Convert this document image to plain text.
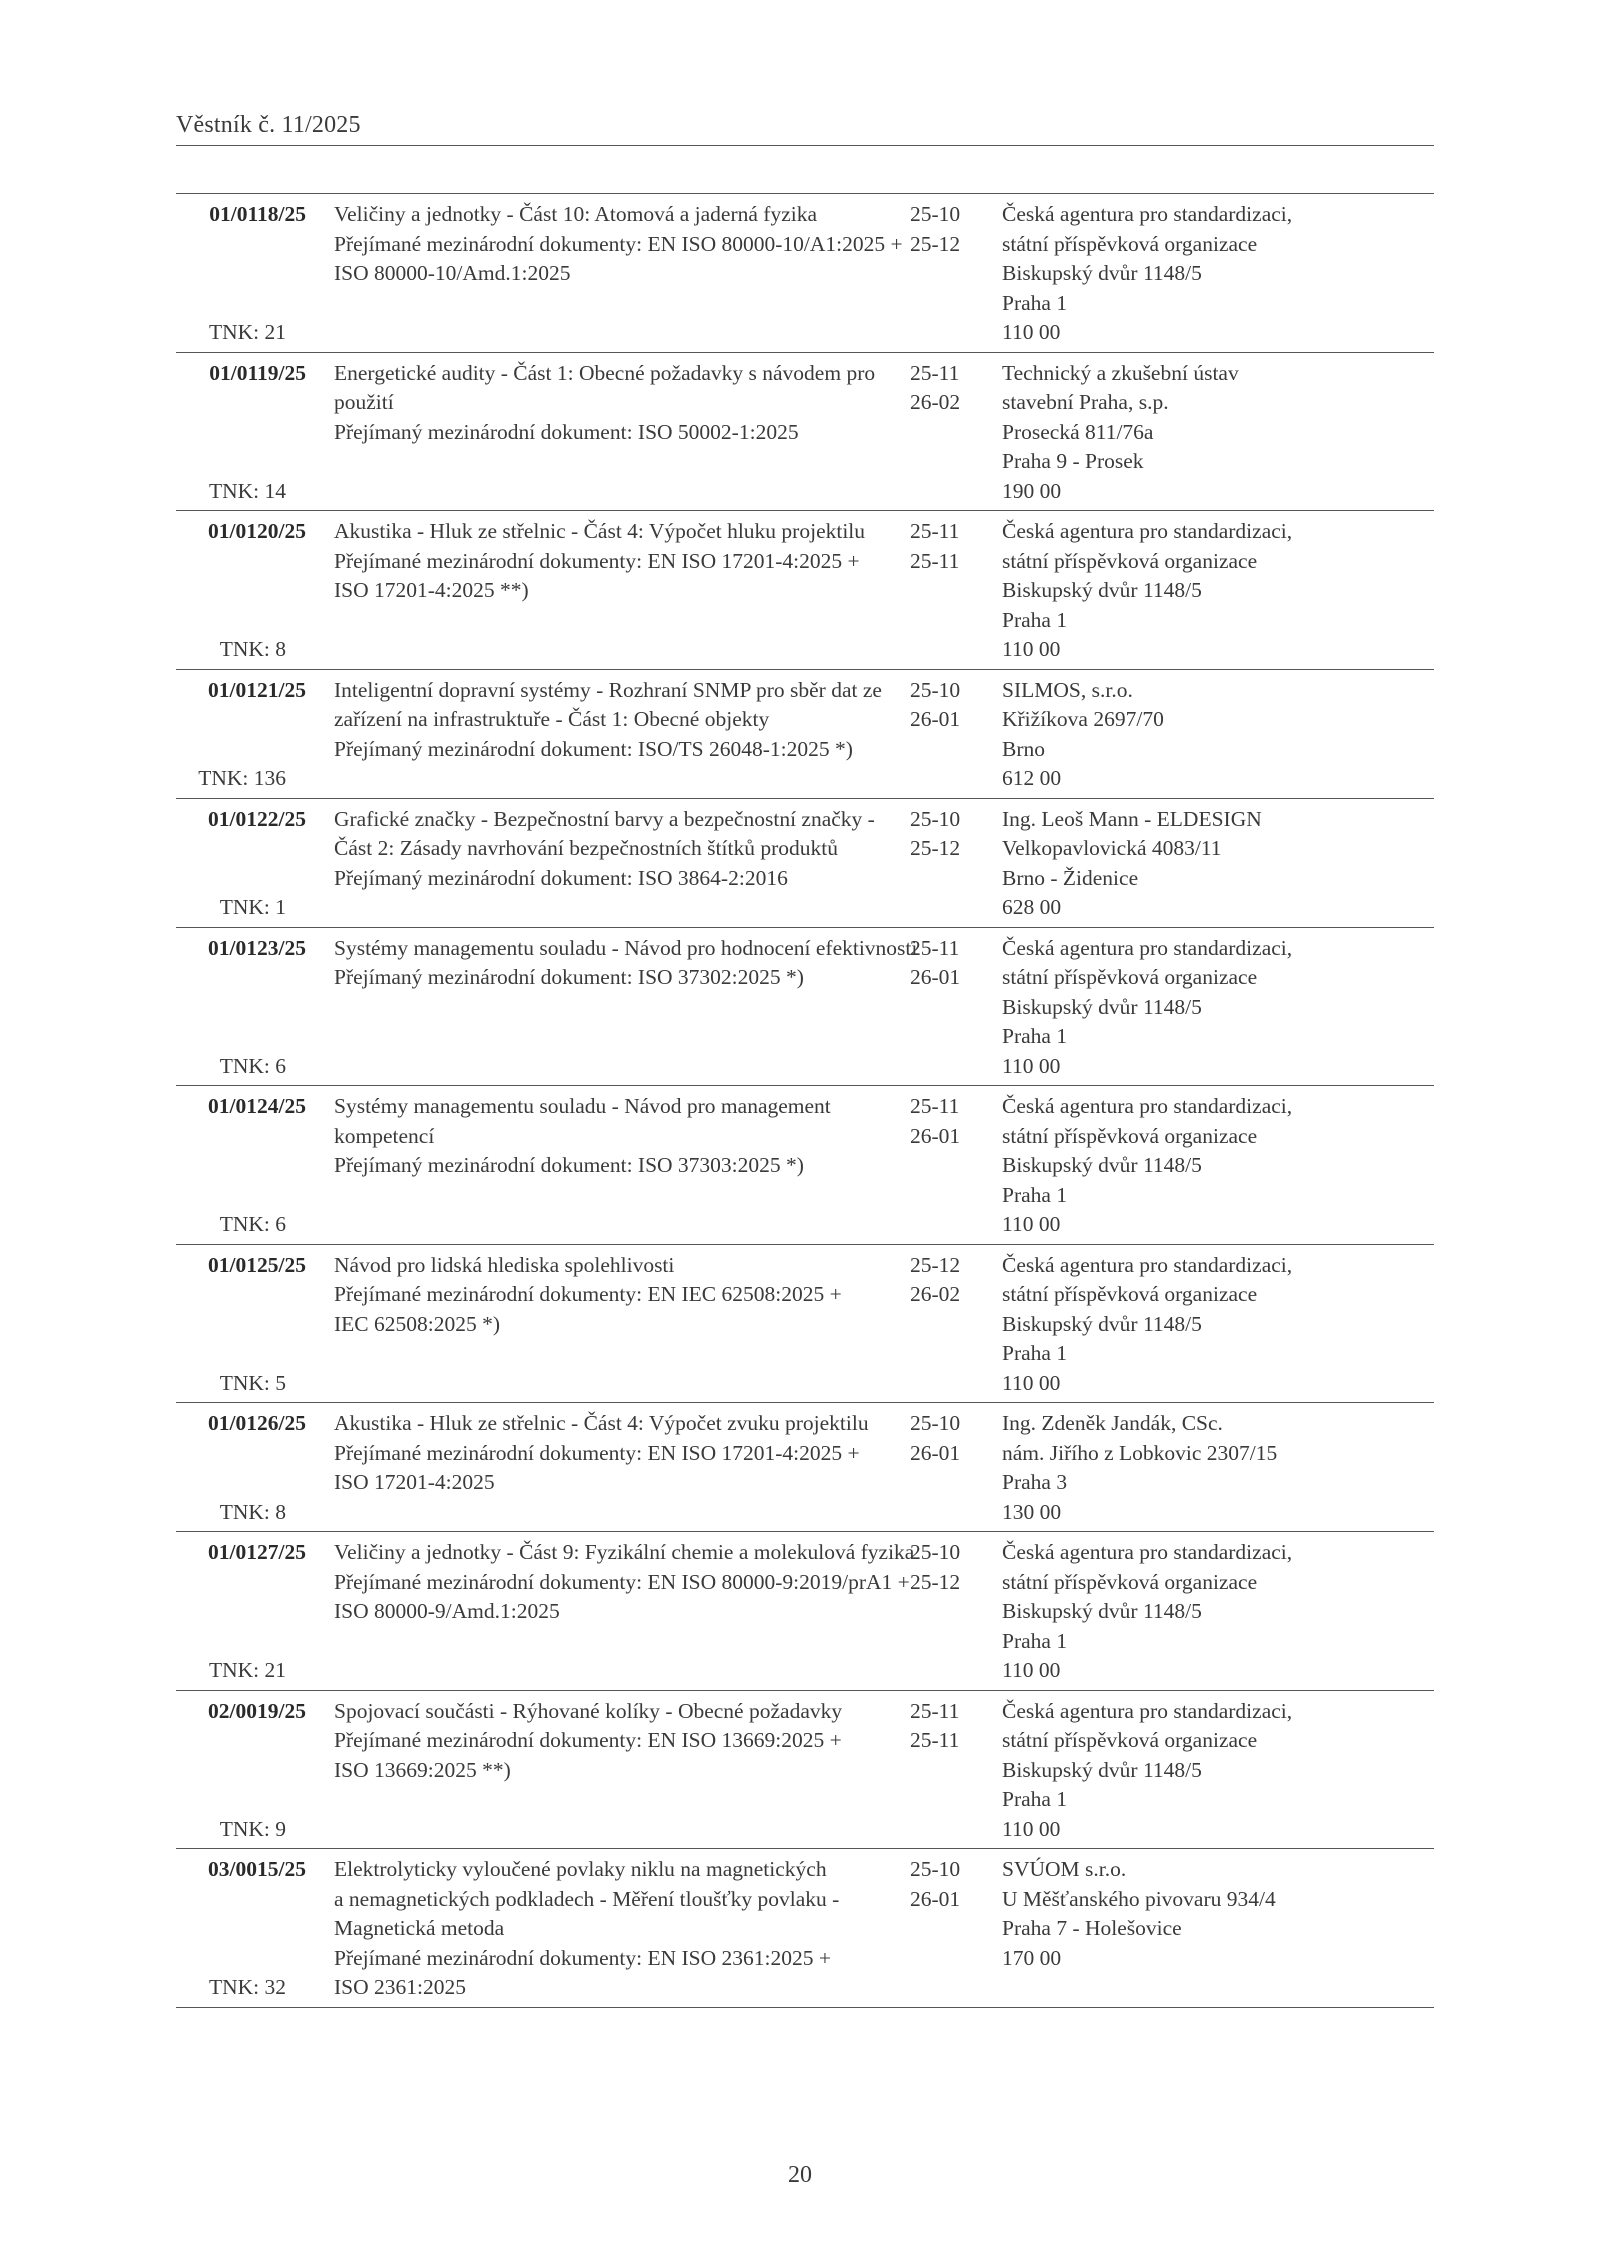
Věstník č. 11/2025
01/0118/25
TNK: 21
Veličiny a jednotky - Část 10: Atomová a jaderná fyzika
Přejímané mezinárodní dokumenty: EN ISO 80000-10/A1:2025 +
ISO 80000-10/Amd.1:2025
25-10
25-12
Česká agentura pro standardizaci,
státní příspěvková organizace
Biskupský dvůr 1148/5
Praha 1
110 00
01/0119/25
TNK: 14
Energetické audity - Část 1: Obecné požadavky s návodem pro
použití
Přejímaný mezinárodní dokument: ISO 50002-1:2025
25-11
26-02
Technický a zkušební ústav
stavební Praha, s.p.
Prosecká 811/76a
Praha 9 - Prosek
190 00
01/0120/25
TNK: 8
Akustika - Hluk ze střelnic - Část 4: Výpočet hluku projektilu
Přejímané mezinárodní dokumenty: EN ISO 17201-4:2025 +
ISO 17201-4:2025 **)
25-11
25-11
Česká agentura pro standardizaci,
státní příspěvková organizace
Biskupský dvůr 1148/5
Praha 1
110 00
01/0121/25
TNK: 136
Inteligentní dopravní systémy - Rozhraní SNMP pro sběr dat ze
zařízení na infrastruktuře - Část 1: Obecné objekty
Přejímaný mezinárodní dokument: ISO/TS 26048-1:2025 *)
25-10
26-01
SILMOS, s.r.o.
Křižíkova 2697/70
Brno
612 00
01/0122/25
TNK: 1
Grafické značky - Bezpečnostní barvy a bezpečnostní značky -
Část 2: Zásady navrhování bezpečnostních štítků produktů
Přejímaný mezinárodní dokument: ISO 3864-2:2016
25-10
25-12
Ing. Leoš Mann - ELDESIGN
Velkopavlovická 4083/11
Brno - Židenice
628 00
01/0123/25
TNK: 6
Systémy managementu souladu - Návod pro hodnocení efektivnosti
Přejímaný mezinárodní dokument: ISO 37302:2025 *)
25-11
26-01
Česká agentura pro standardizaci,
státní příspěvková organizace
Biskupský dvůr 1148/5
Praha 1
110 00
01/0124/25
TNK: 6
Systémy managementu souladu - Návod pro management
kompetencí
Přejímaný mezinárodní dokument: ISO 37303:2025 *)
25-11
26-01
Česká agentura pro standardizaci,
státní příspěvková organizace
Biskupský dvůr 1148/5
Praha 1
110 00
01/0125/25
TNK: 5
Návod pro lidská hlediska spolehlivosti
Přejímané mezinárodní dokumenty: EN IEC 62508:2025 +
IEC 62508:2025 *)
25-12
26-02
Česká agentura pro standardizaci,
státní příspěvková organizace
Biskupský dvůr 1148/5
Praha 1
110 00
01/0126/25
TNK: 8
Akustika - Hluk ze střelnic - Část 4: Výpočet zvuku projektilu
Přejímané mezinárodní dokumenty: EN ISO 17201-4:2025 +
ISO 17201-4:2025
25-10
26-01
Ing. Zdeněk Jandák, CSc.
nám. Jiřího z Lobkovic 2307/15
Praha 3
130 00
01/0127/25
TNK: 21
Veličiny a jednotky - Část 9: Fyzikální chemie a molekulová fyzika
Přejímané mezinárodní dokumenty: EN ISO 80000-9:2019/prA1 +
ISO 80000-9/Amd.1:2025
25-10
25-12
Česká agentura pro standardizaci,
státní příspěvková organizace
Biskupský dvůr 1148/5
Praha 1
110 00
02/0019/25
TNK: 9
Spojovací součásti - Rýhované kolíky - Obecné požadavky
Přejímané mezinárodní dokumenty: EN ISO 13669:2025 +
ISO 13669:2025 **)
25-11
25-11
Česká agentura pro standardizaci,
státní příspěvková organizace
Biskupský dvůr 1148/5
Praha 1
110 00
03/0015/25
TNK: 32
Elektrolyticky vyloučené povlaky niklu na magnetických
a nemagnetických podkladech - Měření tloušťky povlaku -
Magnetická metoda
Přejímané mezinárodní dokumenty: EN ISO 2361:2025 +
ISO 2361:2025
25-10
26-01
SVÚOM s.r.o.
U Měšťanského pivovaru 934/4
Praha 7 - Holešovice
170 00
20
